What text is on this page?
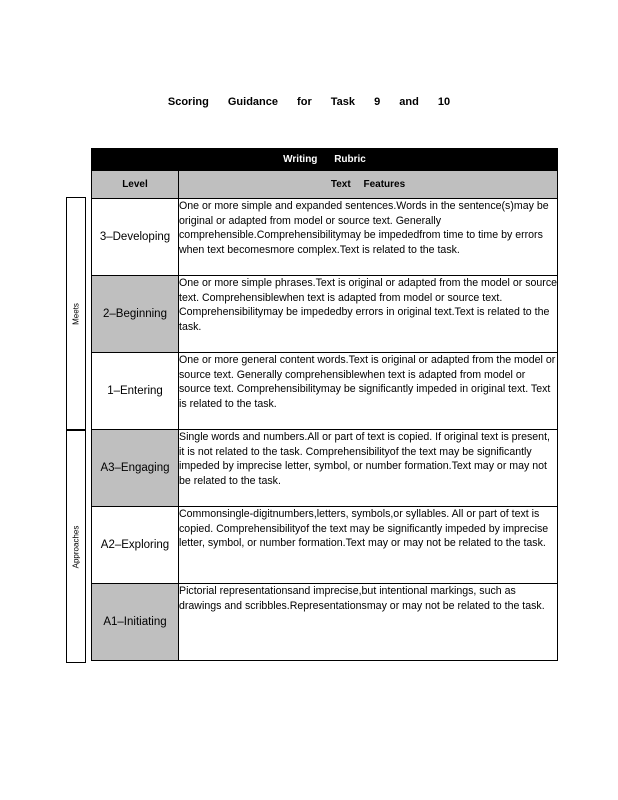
Scoring Guidance for Task 9 and 10
Meets
Approaches
Writing Rubric	
Level	Text Features
3–Developing	One or more simple and expanded sentences.Words in the sentence(s)may be original or adapted from model or source text. Generally comprehensible.Comprehensibilitymay be impededfrom time to time by errors when text becomesmore complex.Text is related to the task.
2–Beginning	One or more simple phrases.Text is original or adapted from the model or source text. Comprehensiblewhen text is adapted from model or source text. Comprehensibilitymay be impededby errors in original text.Text is related to the task.
1–Entering	One or more general content words.Text is original or adapted from the model or source text. Generally comprehensiblewhen text is adapted from model or source text. Comprehensibilitymay be significantly impeded in original text. Text is related to the task.
A3–Engaging	Single words and numbers.All or part of text is copied. If original text is present, it is not related to the task. Comprehensibilityof the text may be significantly impeded by imprecise letter, symbol, or number formation.Text may or may not be related to the task.
A2–Exploring	Commonsingle-digitnumbers,letters, symbols,or syllables. All or part of text is copied. Comprehensibilityof the text may be significantly impeded by imprecise letter, symbol, or number formation.Text may or may not be related to the task.
A1–Initiating	Pictorial representationsand imprecise,but intentional markings, such as drawings and scribbles.Representationsmay or may not be related to the task.
